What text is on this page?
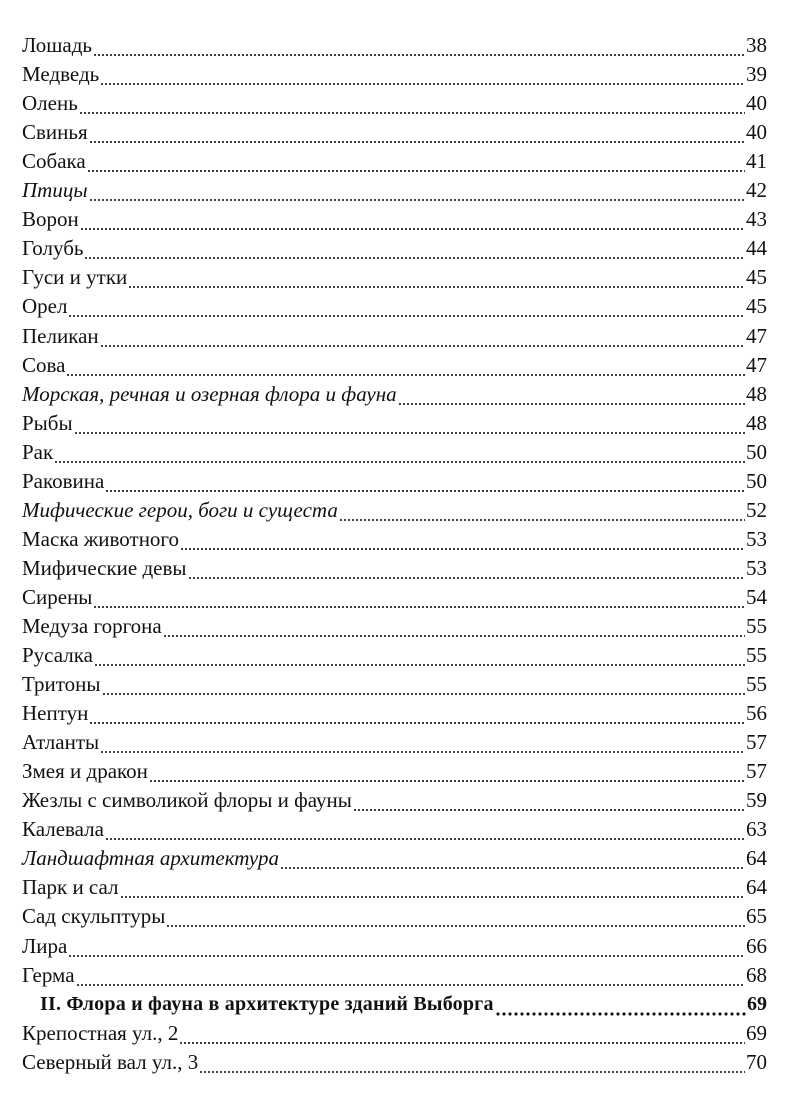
Лошадь	38
Медведь	39
Олень	40
Свинья	40
Собака	41
Птицы	42
Ворон	43
Голубь	44
Гуси и утки	45
Орел	45
Пеликан	47
Сова	47
Морская, речная и озерная флора и фауна	48
Рыбы	48
Рак	50
Раковина	50
Мифические герои, боги и сущеста	52
Маска животного	53
Мифические девы	53
Сирены	54
Медуза горгона	55
Русалка	55
Тритоны	55
Нептун	56
Атланты	57
Змея и дракон	57
Жезлы с символикой флоры и фауны	59
Калевала	63
Ландшафтная архитектура	64
Парк и сал	64
Сад скульптуры	65
Лира	66
Герма	68
II. Флора и фауна в архитектуре зданий Выборга	69
Крепостная ул., 2	69
Северный вал ул., 3	70
